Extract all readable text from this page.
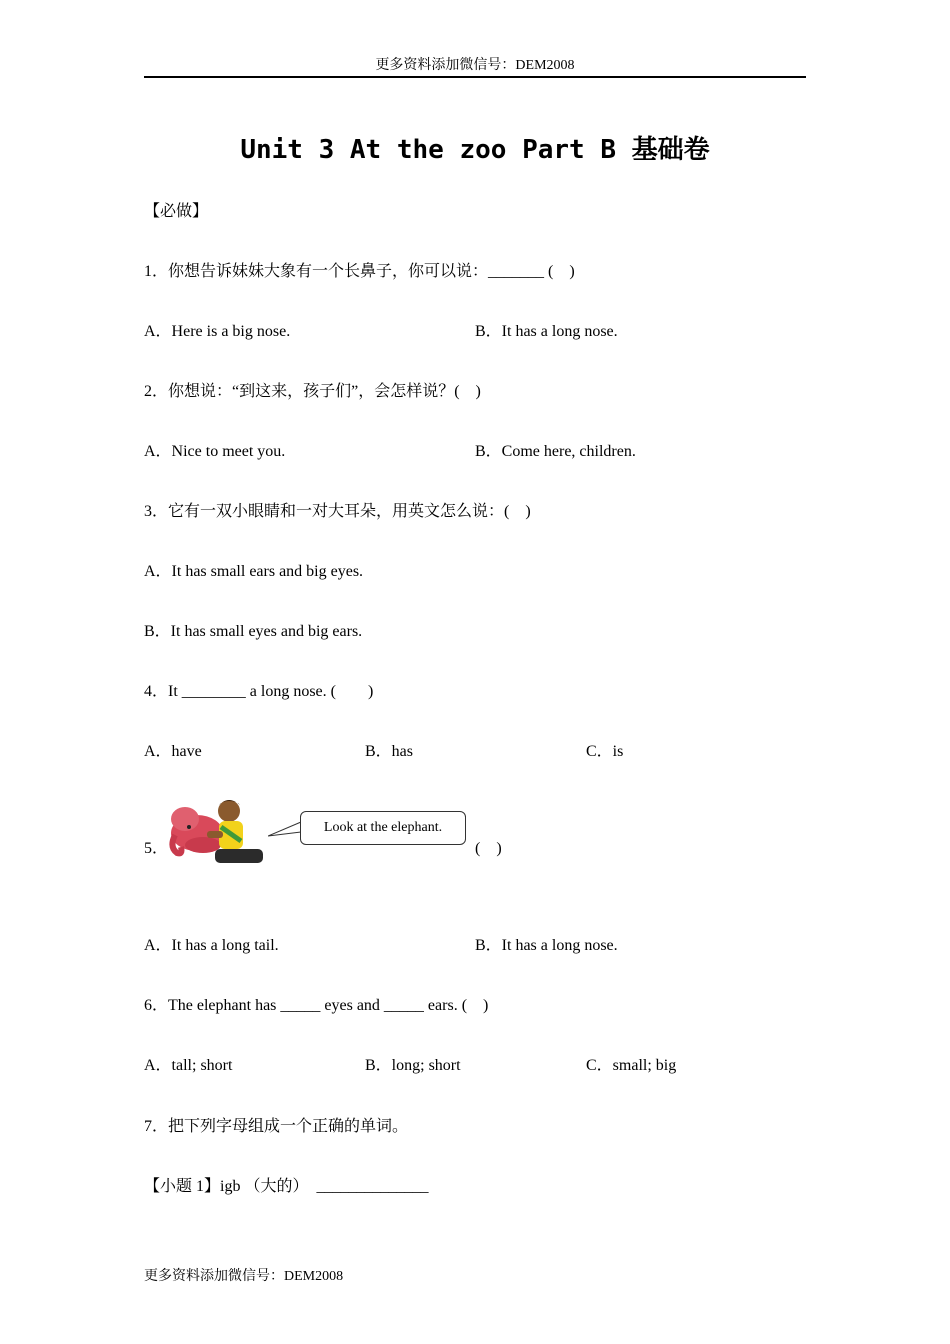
更多资料添加微信号：DEM2008
Unit 3 At the zoo Part B 基础卷
【必做】
1．你想告诉妹妹大象有一个长鼻子，你可以说：_______ (　)
A．Here is a big nose.	B．It has a long nose.
2．你想说：“到这来，孩子们”，会怎样说？(　)
A．Nice to meet you.	B．Come here, children.
3．它有一双小眼睛和一对大耳朵，用英文怎么说：(　)
A．It has small ears and big eyes.
B．It has small eyes and big ears.
4．It ________ a long nose. (　　)
A．have	B．has	C．is
5．
Look at the elephant.
(　)
A．It has a long tail.	B．It has a long nose.
6．The elephant has _____ eyes and _____ ears. (　)
A．tall; short	B．long; short	C．small; big
7．把下列字母组成一个正确的单词。
【小题 1】igb （大的）　______________
更多资料添加微信号：DEM2008
